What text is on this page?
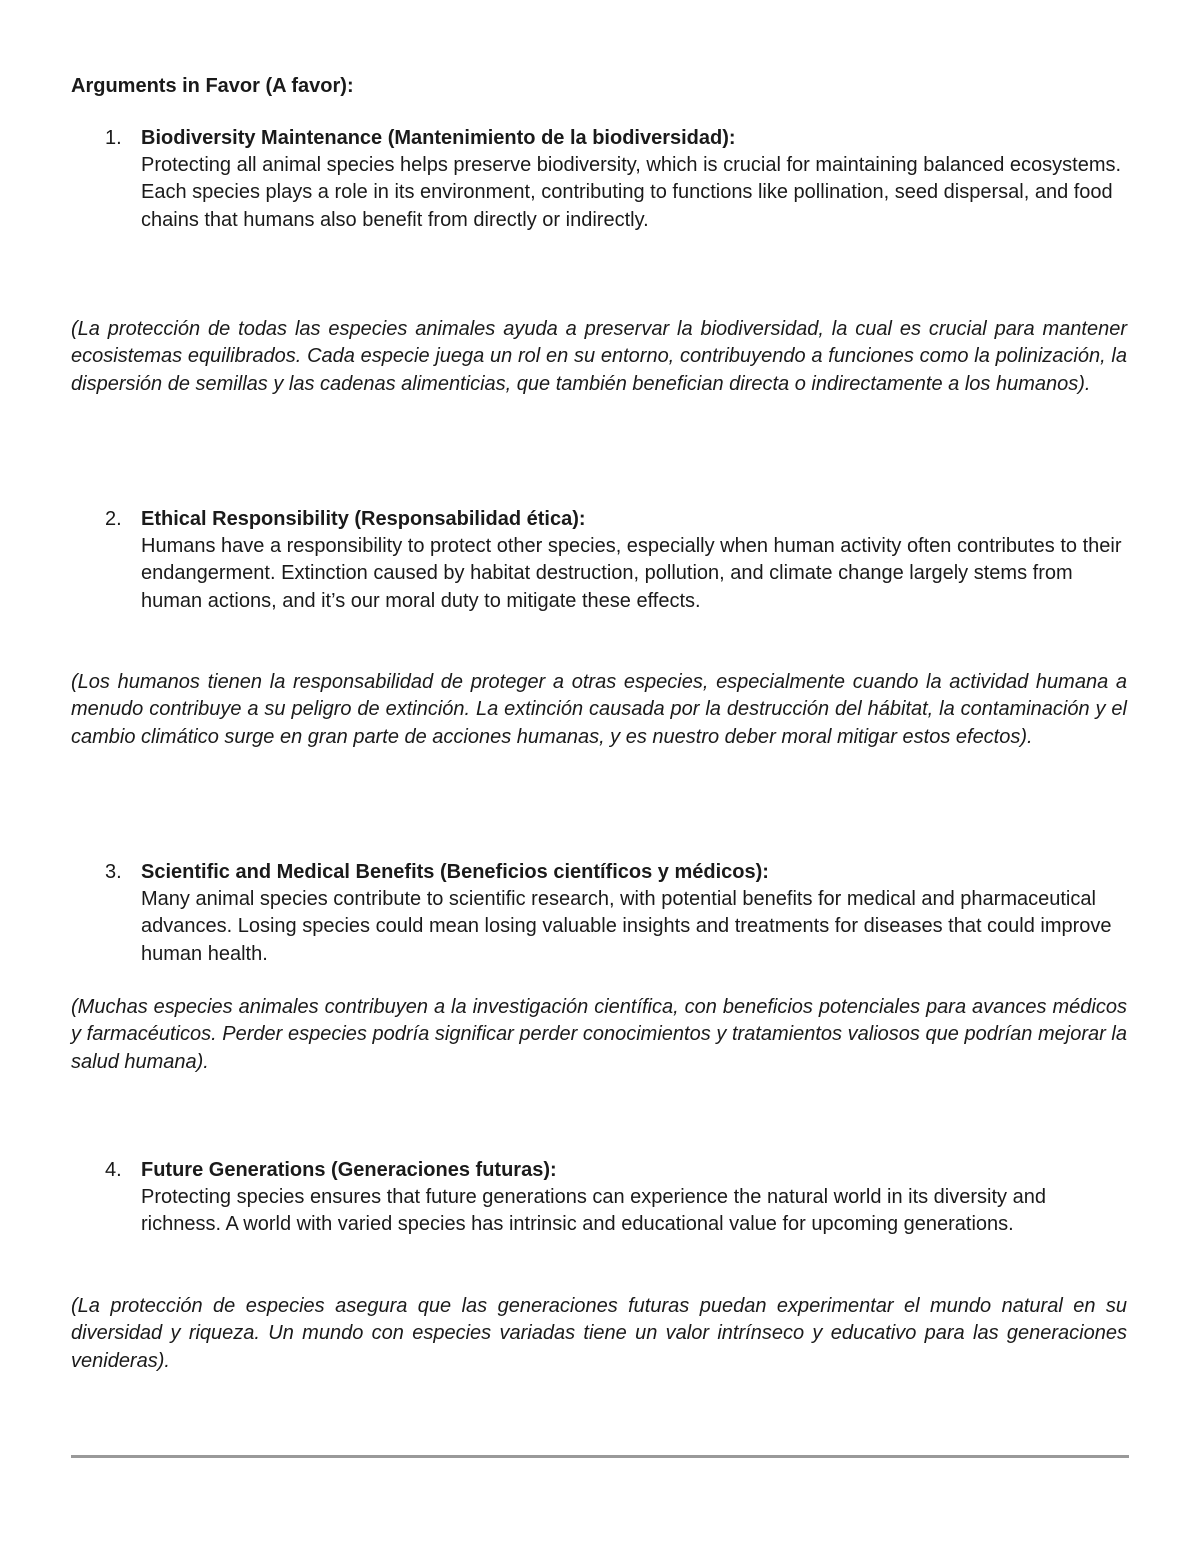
Arguments in Favor (A favor):
1. Biodiversity Maintenance (Mantenimiento de la biodiversidad):

Protecting all animal species helps preserve biodiversity, which is crucial for maintaining balanced ecosystems. Each species plays a role in its environment, contributing to functions like pollination, seed dispersal, and food chains that humans also benefit from directly or indirectly.

(La protección de todas las especies animales ayuda a preservar la biodiversidad, la cual es crucial para mantener ecosistemas equilibrados. Cada especie juega un rol en su entorno, contribuyendo a funciones como la polinización, la dispersión de semillas y las cadenas alimenticias, que también benefician directa o indirectamente a los humanos).

2. Ethical Responsibility (Responsabilidad ética):

Humans have a responsibility to protect other species, especially when human activity often contributes to their endangerment. Extinction caused by habitat destruction, pollution, and climate change largely stems from human actions, and it’s our moral duty to mitigate these effects.

(Los humanos tienen la responsabilidad de proteger a otras especies, especialmente cuando la actividad humana a menudo contribuye a su peligro de extinción. La extinción causada por la destrucción del hábitat, la contaminación y el cambio climático surge en gran parte de acciones humanas, y es nuestro deber moral mitigar estos efectos).

3. Scientific and Medical Benefits (Beneficios científicos y médicos):

Many animal species contribute to scientific research, with potential benefits for medical and pharmaceutical advances. Losing species could mean losing valuable insights and treatments for diseases that could improve human health.

(Muchas especies animales contribuyen a la investigación científica, con beneficios potenciales para avances médicos y farmacéuticos. Perder especies podría significar perder conocimientos y tratamientos valiosos que podrían mejorar la salud humana).

4. Future Generations (Generaciones futuras):

Protecting species ensures that future generations can experience the natural world in its diversity and richness. A world with varied species has intrinsic and educational value for upcoming generations.

(La protección de especies asegura que las generaciones futuras puedan experimentar el mundo natural en su diversidad y riqueza. Un mundo con especies variadas tiene un valor intrínseco y educativo para las generaciones venideras).
